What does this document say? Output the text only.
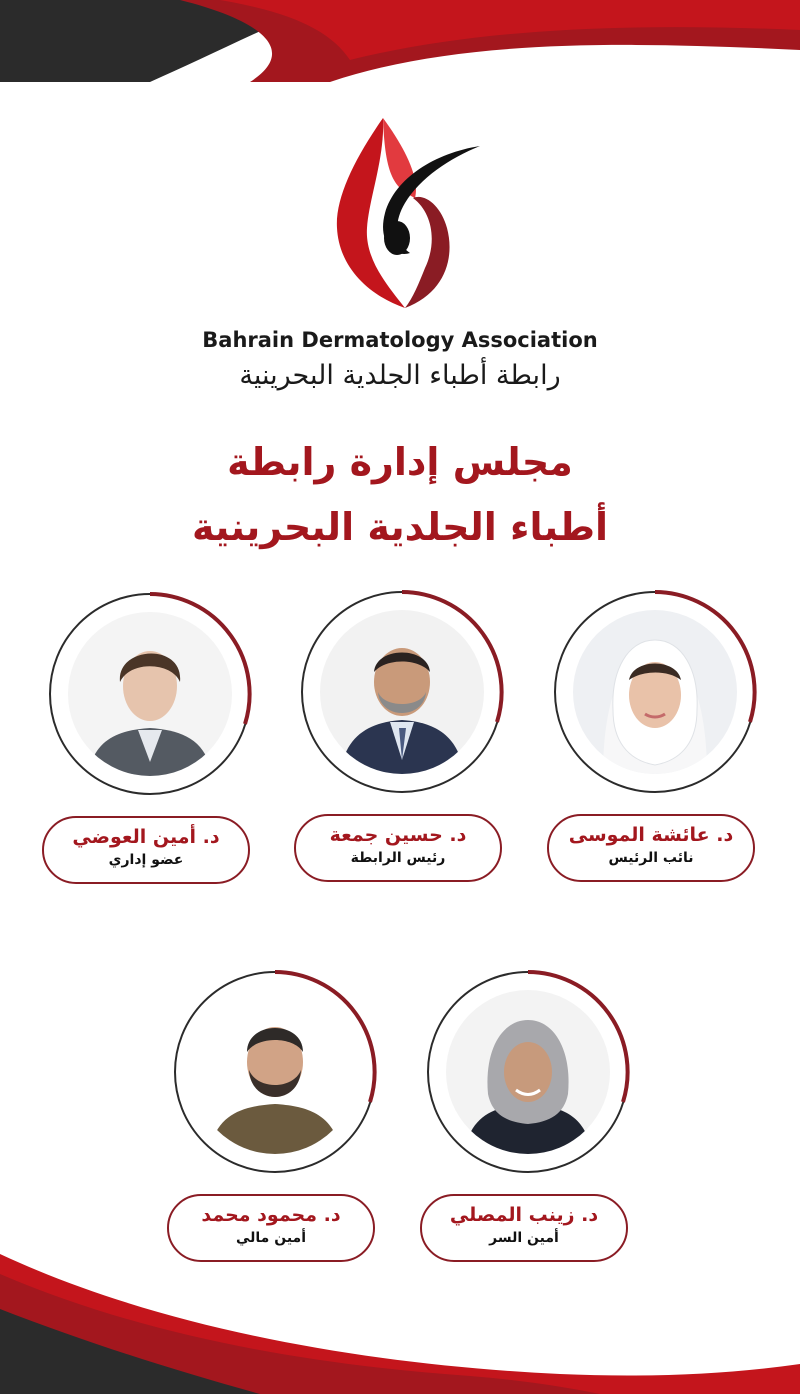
Bahrain Dermatology Association
رابطة أطباء الجلدية البحرينية
مجلس إدارة رابطة
أطباء الجلدية البحرينية
د. عائشة الموسى
نائب الرئيس
د. حسين جمعة
رئيس الرابطة
د. أمين العوضي
عضو إداري
د. زينب المصلي
أمين السر
د. محمود محمد
أمين مالي
